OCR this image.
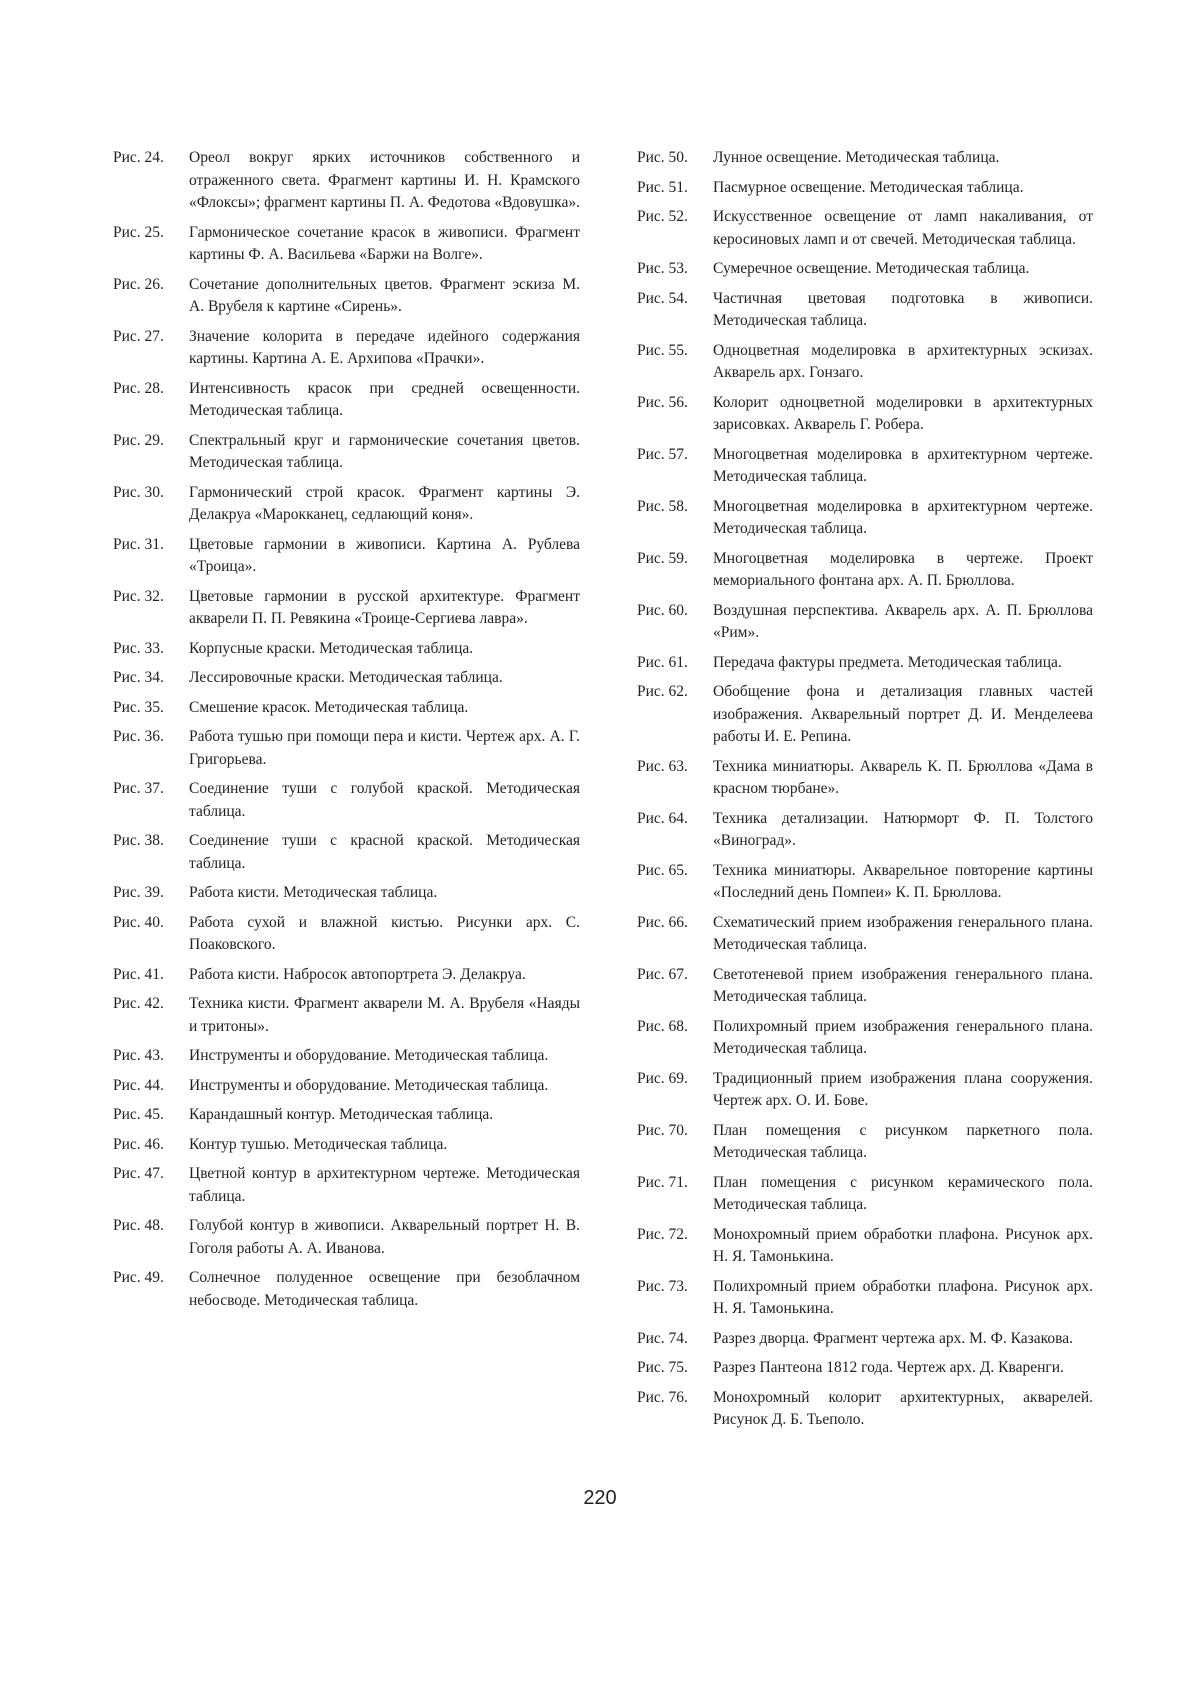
Рис. 24.	Ореол вокруг ярких источников собственного и отраженного света. Фрагмент картины И. Н. Крамского «Флоксы»; фрагмент картины П. А. Федотова «Вдовушка».
Рис. 25.	Гармоническое сочетание красок в живописи. Фрагмент картины Ф. А. Васильева «Баржи на Волге».
Рис. 26.	Сочетание дополнительных цветов. Фрагмент эскиза М. А. Врубеля к картине «Сирень».
Рис. 27.	Значение колорита в передаче идейного содержания картины. Картина А. Е. Архипова «Прачки».
Рис. 28.	Интенсивность красок при средней освещенности. Методическая таблица.
Рис. 29.	Спектральный круг и гармонические сочетания цветов. Методическая таблица.
Рис. 30.	Гармонический строй красок. Фрагмент картины Э. Делакруа «Марокканец, седлающий коня».
Рис. 31.	Цветовые гармонии в живописи. Картина А. Рублева «Троица».
Рис. 32.	Цветовые гармонии в русской архитектуре. Фрагмент акварели П. П. Ревякина «Троице-Сергиева лавра».
Рис. 33.	Корпусные краски. Методическая таблица.
Рис. 34.	Лессировочные краски. Методическая таблица.
Рис. 35.	Смешение красок. Методическая таблица.
Рис. 36.	Работа тушью при помощи пера и кисти. Чертеж арх. А. Г. Григорьева.
Рис. 37.	Соединение туши с голубой краской. Методическая таблица.
Рис. 38.	Соединение туши с красной краской. Методическая таблица.
Рис. 39.	Работа кисти. Методическая таблица.
Рис. 40.	Работа сухой и влажной кистью. Рисунки арх. С. Поаковского.
Рис. 41.	Работа кисти. Набросок автопортрета Э. Делакруа.
Рис. 42.	Техника кисти. Фрагмент акварели М. А. Врубеля «Наяды и тритоны».
Рис. 43.	Инструменты и оборудование. Методическая таблица.
Рис. 44.	Инструменты и оборудование. Методическая таблица.
Рис. 45.	Карандашный контур. Методическая таблица.
Рис. 46.	Контур тушью. Методическая таблица.
Рис. 47.	Цветной контур в архитектурном чертеже. Методическая таблица.
Рис. 48.	Голубой контур в живописи. Акварельный портрет Н. В. Гоголя работы А. А. Иванова.
Рис. 49.	Солнечное полуденное освещение при безоблачном небосводе. Методическая таблица.
Рис. 50.	Лунное освещение. Методическая таблица.
Рис. 51.	Пасмурное освещение. Методическая таблица.
Рис. 52.	Искусственное освещение от ламп накаливания, от керосиновых ламп и от свечей. Методическая таблица.
Рис. 53.	Сумеречное освещение. Методическая таблица.
Рис. 54.	Частичная цветовая подготовка в живописи. Методическая таблица.
Рис. 55.	Одноцветная моделировка в архитектурных эскизах. Акварель арх. Гонзаго.
Рис. 56.	Колорит одноцветной моделировки в архитектурных зарисовках. Акварель Г. Робера.
Рис. 57.	Многоцветная моделировка в архитектурном чертеже. Методическая таблица.
Рис. 58.	Многоцветная моделировка в архитектурном чертеже. Методическая таблица.
Рис. 59.	Многоцветная моделировка в чертеже. Проект мемориального фонтана арх. А. П. Брюллова.
Рис. 60.	Воздушная перспектива. Акварель арх. А. П. Брюллова «Рим».
Рис. 61.	Передача фактуры предмета. Методическая таблица.
Рис. 62.	Обобщение фона и детализация главных частей изображения. Акварельный портрет Д. И. Менделеева работы И. Е. Репина.
Рис. 63.	Техника миниатюры. Акварель К. П. Брюллова «Дама в красном тюрбане».
Рис. 64.	Техника детализации. Натюрморт Ф. П. Толстого «Виноград».
Рис. 65.	Техника миниатюры. Акварельное повторение картины «Последний день Помпеи» К. П. Брюллова.
Рис. 66.	Схематический прием изображения генерального плана. Методическая таблица.
Рис. 67.	Светотеневой прием изображения генерального плана. Методическая таблица.
Рис. 68.	Полихромный прием изображения генерального плана. Методическая таблица.
Рис. 69.	Традиционный прием изображения плана сооружения. Чертеж арх. О. И. Бове.
Рис. 70.	План помещения с рисунком паркетного пола. Методическая таблица.
Рис. 71.	План помещения с рисунком керамического пола. Методическая таблица.
Рис. 72.	Монохромный прием обработки плафона. Рисунок арх. Н. Я. Тамонькина.
Рис. 73.	Полихромный прием обработки плафона. Рисунок арх. Н. Я. Тамонькина.
Рис. 74.	Разрез дворца. Фрагмент чертежа арх. М. Ф. Казакова.
Рис. 75.	Разрез Пантеона 1812 года. Чертеж арх. Д. Кваренги.
Рис. 76.	Монохромный колорит архитектурных, акварелей. Рисунок Д. Б. Тьеполо.
220
